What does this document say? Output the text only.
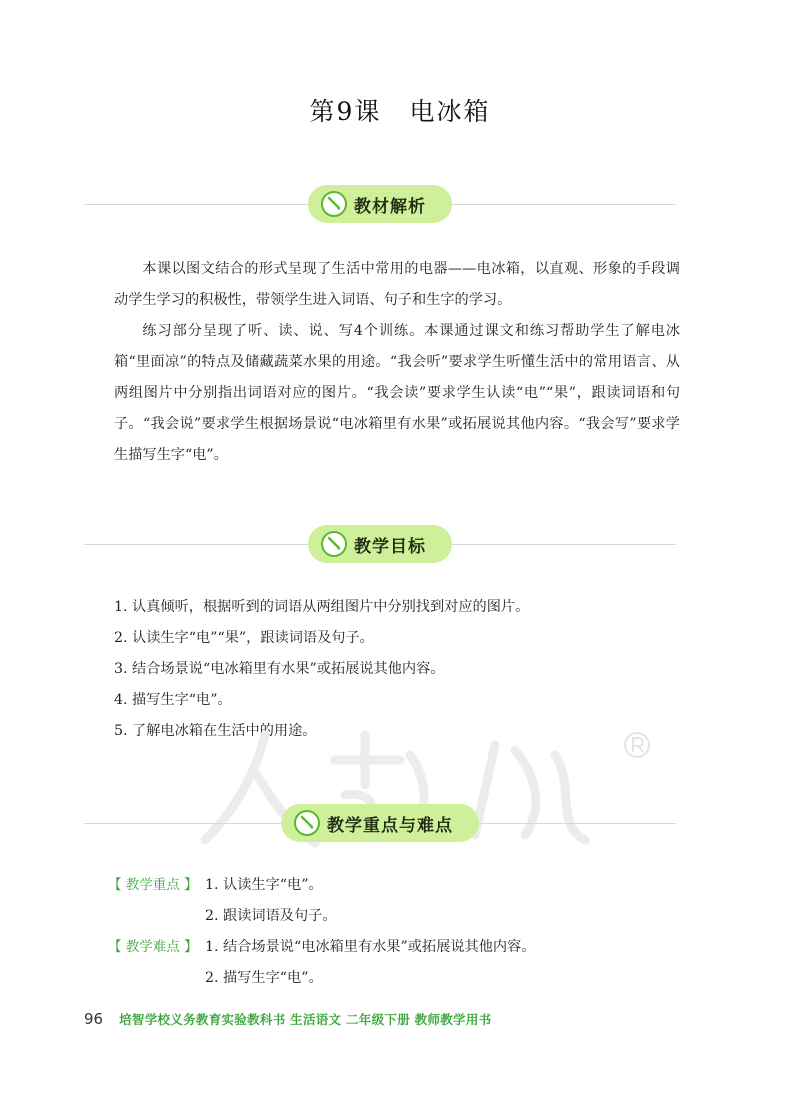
第9课 电冰箱
教材解析

本课以图文结合的形式呈现了生活中常用的电器——电冰箱，以直观、形象的手段调动学生学习的积极性，带领学生进入词语、句子和生字的学习。

练习部分呈现了听、读、说、写4个训练。本课通过课文和练习帮助学生了解电冰箱“里面凉”的特点及储藏蔬菜水果的用途。“我会听”要求学生听懂生活中的常用语言、从两组图片中分别指出词语对应的图片。“我会读”要求学生认读“电”“果”，跟读词语和句子。“我会说”要求学生根据场景说“电冰箱里有水果”或拓展说其他内容。“我会写”要求学生描写生字“电”。

教学目标
1. 认真倾听，根据听到的词语从两组图片中分别找到对应的图片。
2. 认读生字“电”“果”，跟读词语及句子。
3. 结合场景说“电冰箱里有水果”或拓展说其他内容。
4. 描写生字“电”。
5. 了解电冰箱在生活中的用途。
教学重点与难点
【 教学重点 】 1. 认读生字“电”。
2. 跟读词语及句子。
【 教学难点 】 1. 结合场景说“电冰箱里有水果”或拓展说其他内容。
2. 描写生字“电”。
96 培智学校义务教育实验教科书 生活语文 二年级下册 教师教学用书
